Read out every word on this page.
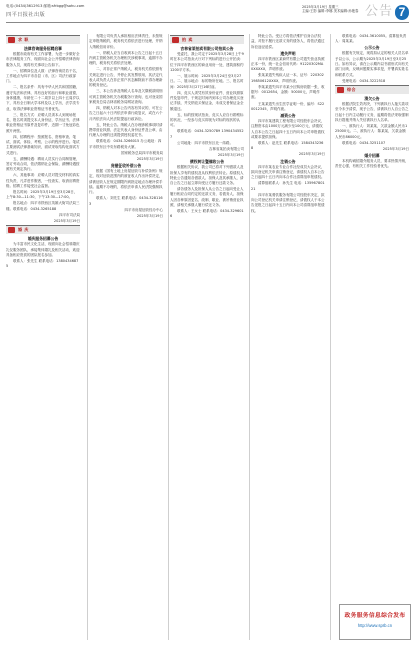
电话:(0434)3612913 邮箱:sfrbgg@sohu.com
四平日报社出版
2025年3月19日 星期三
主编:王影 编辑:李娜 美术编辑:孙艳春 公告 7
求 职

法律咨询服务招聘启事

根据市政府有关工作部署，为进一步做好全市法律服务工作，现面向社会公开招聘法律咨询服务人员，现将有关事项公告如下。

一、招聘岗位及人数：法律咨询员若干名，工作地点为四平市各县（市、区）司法行政部门。

二、报名条件：具有中华人民共和国国籍，遵守宪法和法律，具有良好的品行和职业道德，身体健康，年龄在二十二周岁以上四十五周岁以下，具有全日制大学本科及以上学历，法学类专业，取得法律职业资格证书者优先。

三、报名方式：应聘人员须本人到现场报名，报名时须提交本人身份证、学历证书、法律职业资格证书原件及复印件，近期一寸免冠彩色照片两张。

四、招聘程序：按照报名、资格审查、笔试、面试、体检、考察、公示的程序进行。笔试主要测试法律基础知识，面试采取结构化面试方式进行。

五、薪酬待遇：聘用人员实行合同制管理，签订劳动合同，依法缴纳社会保险，薪酬待遇按照有关规定执行。

六、其他事项：应聘人员对提交材料的真实性负责，凡弄虚作假者，一经查实，取消应聘资格。招聘工作接受社会监督。

报名时间：2025年3月19日至3月28日，上午8:30—11:30，下午13:30—17:00。

报名地点：四平市铁西区英雄大街司法局三楼。联系电话：0434-3265188

四平市司法局

2025年3月19日

婚 庆

婚庆服务招募公告

为丰富市民文化生活，现面向社会招募婚庆礼仪服务团队，承接集体婚礼及相关活动，欢迎具备相应资质的团队报名参加。

联系人：张先生 联系电话：13804346875

有限公司负责人承担相应法律责任，未按规定申报纳税的，税务机关将依法进行处理，并纳入纳税信用评价。

一、纳税人应当自收到本公告之日起十五日内到主管税务机关办理相关涉税事项，逾期不办理的，税务机关将依法处理。

二、对非正常户纳税人，税务机关将依照有关规定进行公告，并停止其发票领用，其法定代表人或负责人在非正常户状态解除前不得办理新的税务登记。

三、本公告涉及纳税人名单及欠缴税款明细可到主管税务机关办税服务厅查询，也可登录国家税务总局吉林省税务局网站查询。

四、纳税人对本公告内容有异议的，可在公告之日起六十日内依法申请行政复议，或在六个月内依法向人民法院提起行政诉讼。

五、特此公告。纳税人在办理涉税事项时请携带营业执照、法定代表人身份证件及公章，由代理人办理的还须提供授权委托书。

联系电话：0434-3266015 办公地址：四平市铁东区中央东路税务大厦。

国家税务总局四平市税务局

2025年3月19日

房屋征收补偿公告

根据《国有土地上房屋征收与补偿条例》规定，现对征收范围内的被征收人作出补偿决定，请被征收人在规定期限内到指定地点办理补偿手续。逾期不办理的，将依法申请人民法院强制执行。

联系人：刘先生 联系电话：0434-3281163

四平市房屋征收经办中心

2025年3月19日

拍 卖

吉林省某拍卖有限公司拍卖公告

受委托，我公司定于2025年3月28日上午9时在本公司拍卖大厅对下列标的进行公开拍卖：位于四平市铁西区的商业用房一处，建筑面积约1200平方米。

一、展示时间：2025年3月24日至3月27日。二、展示地点：标的物所在地。三、报名时间：2025年3月27日16时前。

四、竞买人须凭有效身份证件、营业执照原件及复印件，于规定时间内到本公司办理竞买登记手续，并交纳竞买保证金，未成交者保证金全额退还。

五、标的按现状拍卖，竞买人应自行勘察标的状况，一经参与竞买即视为对标的现状的认可。

联系电话：0434-3250789 13904345527

公司地址：四平市铁东区北一纬路。

吉林省某拍卖有限公司

2025年3月19日

债权转让暨催收公告

根据相关协议，我公司已将对下列借款人及担保人享有的债权及从权利依法转让。原债权人特此公告通知各借款人、担保人及其承继人，请自公告之日起立即向受让方履行还款义务。

请各债务人及担保人从公告之日起向受让人履行相应合同约定的还款义务，若债务人、担保人因各种原因更名、改制、歇业、被吊销营业执照，请相关承继人履行偿还义务。

联系人：王女士 联系电话：0434-3296016

特此公告。受让方将依法维护自身合法权益，对拒不履行还款义务的债务人，将依法通过诉讼途径追偿。

遗失声明

四平市铁西区某商贸有限公司遗失营业执照正本一份，统一社会信用代码：91220302MA0XXXXX，声明作废。

张某某遗失残疾人证一本，证号：22030219850612XXXX，声明作废。

李某某遗失四平市某小区购房收据一张，收据号：0012654，金额：50000元，声明作废。

王某某遗失出生医学证明一份，编号：S220012345，声明作废。

减资公告

四平市某建筑工程有限公司经股东会决议，注册资本由1000万元减少至100万元，请债权人自本公告之日起四十五日内向本公司申报债权或要求提供担保。

联系人：赵先生 联系电话：15843432368

2025年3月19日

注销公告

四平市某农业专业合作社经成员大会决议，拟向登记机关申请注销登记，请债权人自本公告之日起四十五日内向本合作社清算组申报债权。

清算组联系人：孙先生 电话：13596780121

四平市某餐饮服务有限公司经股东决定，拟向公司登记机关申请注销登记，请债权人于本公告见报之日起四十五日内向本公司清算组申报债权。

联系电话：0434-3610055。清算组负责人：周某某。

公示公告

根据有关规定，现将拟认定的相关人员名单予以公示，公示期为2025年3月19日至3月25日。如有异议，请在公示期内以书面形式向有关部门反映，反映问题要实事求是，并署真实姓名和联系方式。

受理电话：0434-3222518

综合

清欠公告

根据法院生效判决，下列被执行人拖欠款项至今未予清偿，现予公告，请被执行人自公告之日起十日内主动履行义务，逾期将依法采取强制执行措施并纳入失信被执行人名单。

一、被执行人：刘某某，欠款金额人民币125000元。二、被执行人：陈某某，欠款金额人民币86000元。

联系电话：0434-3251107

2025年3月19日

婚介招募

本机构诚招婚介服务人员，要求热情开朗，责任心强，有相关工作经验者优先。

政务服务信息综合发布
http://www.sprb.cn
